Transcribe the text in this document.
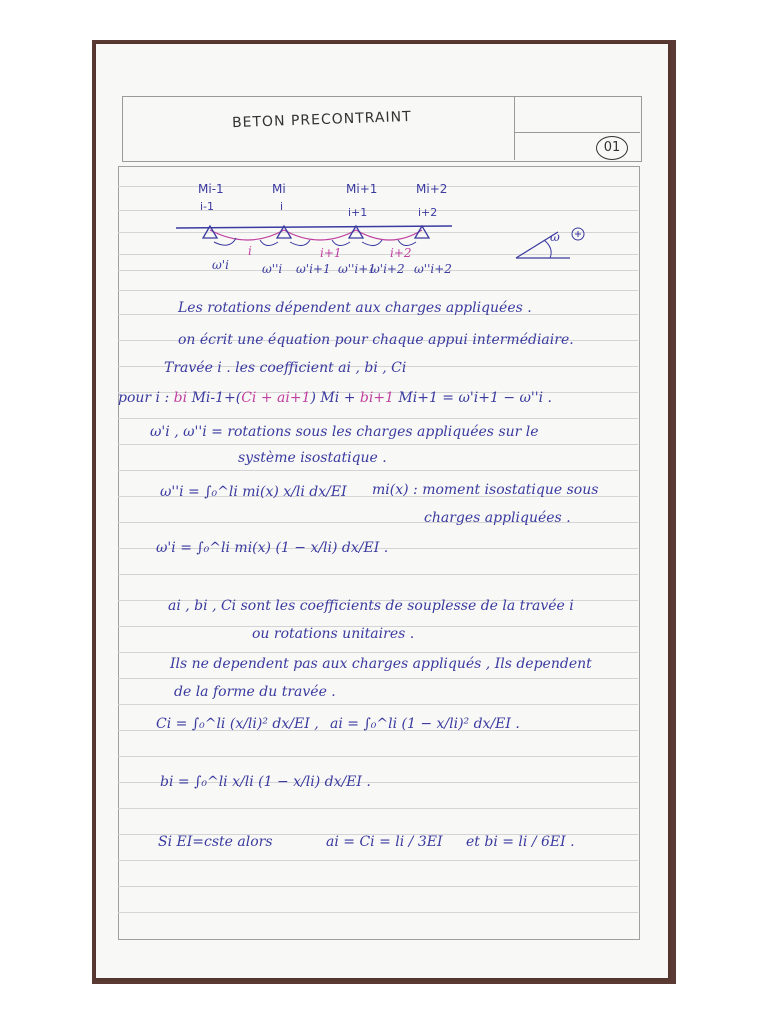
BETON PRECONTRAINT
01
Mi-1	Mi	Mi+1	Mi+2
i-1	i	i+1	i+2
i	i+1	i+2
ω
ω'i	ω''i ω'i+1 ω''i+1
ω'i+2 ω''i+2
Les rotations dépendent aux charges appliquées .
on écrit une équation pour chaque appui intermédiaire.
Travée i . les coefficient ai , bi , Ci
pour i : bi Mi-1+(Ci + ai+1) Mi + bi+1 Mi+1 = ω'i+1 − ω''i .
ω'i , ω''i = rotations sous les charges appliquées sur le
système isostatique .
ω''i = ∫₀^li mi(x) x/li dx/EI mi(x) : moment isostatique sous
charges appliquées .
ω'i = ∫₀^li mi(x) (1 − x/li) dx/EI .
ai , bi , Ci sont les coefficients de souplesse de la travée i
ou rotations unitaires .
Ils ne dependent pas aux charges appliqués , Ils dependent
de la forme du travée .
Ci = ∫₀^li (x/li)² dx/EI , ai = ∫₀^li (1 − x/li)² dx/EI .
bi = ∫₀^li x/li (1 − x/li) dx/EI .
Si EI=cste alors	ai = Ci = li / 3EI et bi = li / 6EI .
